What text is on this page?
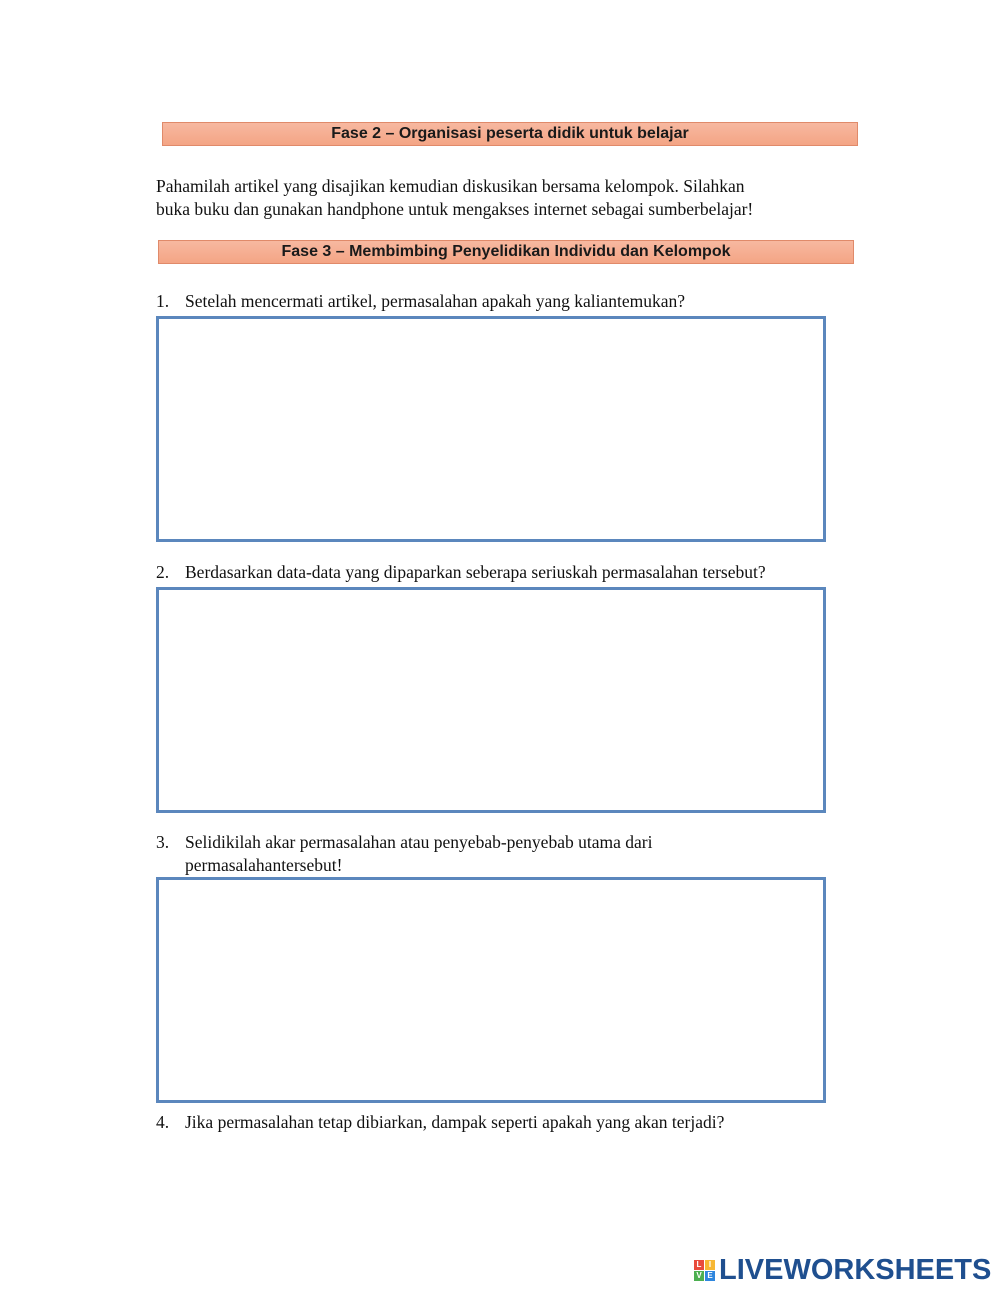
Fase 2 – Organisasi peserta didik untuk belajar

Pahamilah artikel yang disajikan kemudian diskusikan bersama kelompok. Silahkan
buka buku dan gunakan handphone untuk mengakses internet sebagai sumberbelajar!

Fase 3 – Membimbing Penyelidikan Individu dan Kelompok
1. Setelah mencermati artikel, permasalahan apakah yang kaliantemukan?
2. Berdasarkan data-data yang dipaparkan seberapa seriuskah permasalahan tersebut?
3. Selidikilah akar permasalahan atau penyebab-penyebab utama dari
permasalahantersebut!
4. Jika permasalahan tetap dibiarkan, dampak seperti apakah yang akan terjadi?
L I
V E LIVEWORKSHEETS
